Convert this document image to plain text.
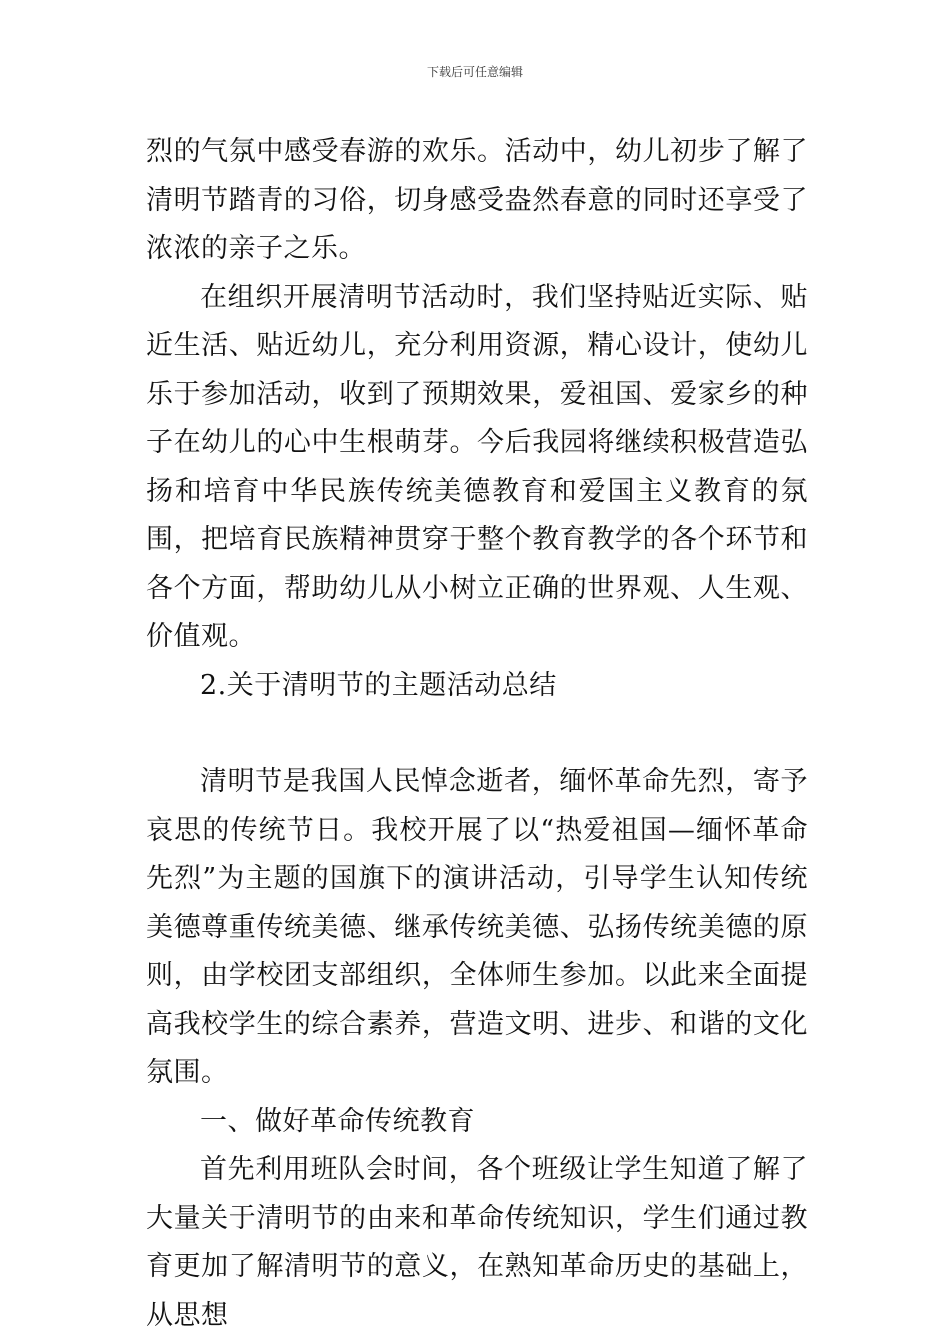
下载后可任意编辑

烈的气氛中感受春游的欢乐。活动中，幼儿初步了解了清明节踏青的习俗，切身感受盎然春意的同时还享受了浓浓的亲子之乐。

在组织开展清明节活动时，我们坚持贴近实际、贴近生活、贴近幼儿，充分利用资源，精心设计，使幼儿乐于参加活动，收到了预期效果，爱祖国、爱家乡的种子在幼儿的心中生根萌芽。今后我园将继续积极营造弘扬和培育中华民族传统美德教育和爱国主义教育的氛围，把培育民族精神贯穿于整个教育教学的各个环节和各个方面，帮助幼儿从小树立正确的世界观、人生观、价值观。

2.关于清明节的主题活动总结

清明节是我国人民悼念逝者，缅怀革命先烈，寄予哀思的传统节日。我校开展了以“热爱祖国—缅怀革命先烈”为主题的国旗下的演讲活动，引导学生认知传统美德尊重传统美德、继承传统美德、弘扬传统美德的原则，由学校团支部组织，全体师生参加。以此来全面提高我校学生的综合素养，营造文明、进步、和谐的文化氛围。

一、做好革命传统教育

首先利用班队会时间，各个班级让学生知道了解了大量关于清明节的由来和革命传统知识，学生们通过教育更加了解清明节的意义，在熟知革命历史的基础上，从思想
